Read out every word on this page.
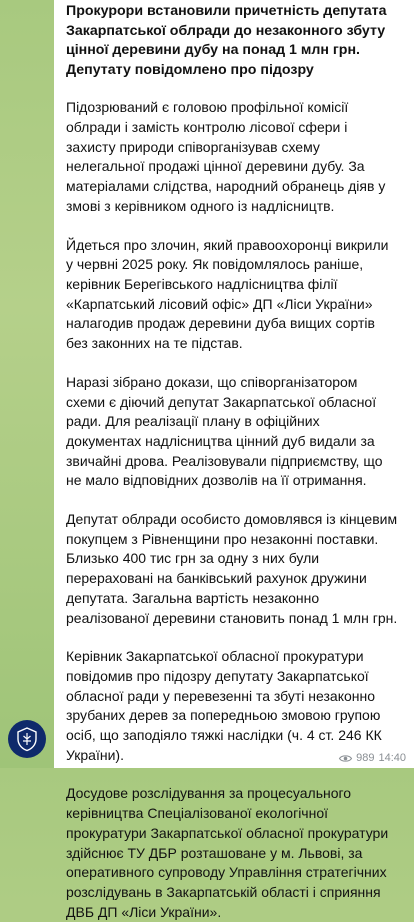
Прокурори встановили причетність депутата Закарпатської облради до незаконного збуту цінної деревини дубу на понад 1 млн грн. Депутату повідомлено про підозру
Підозрюваний є головою профільної комісії облради і замість контролю лісової сфери і захисту природи співорганізував схему нелегальної продажі цінної деревини дубу. За матеріалами слідства, народний обранець діяв у змові з керівником одного із надлісництв.
Йдеться про злочин, який правоохоронці викрили у червні 2025 року. Як повідомлялось раніше, керівник Берегівського надлісництва філії «Карпатський лісовий офіс» ДП «Ліси України» налагодив продаж деревини дуба вищих сортів без законних на те підстав.
Наразі зібрано докази, що співорганізатором схеми є діючий депутат Закарпатської обласної ради. Для реалізації плану в офіційних документах надлісництва цінний дуб видали за звичайні дрова. Реалізовували підприємству, що не мало відповідних дозволів на її отримання.
Депутат облради особисто домовлявся із кінцевим покупцем з Рівненщини про незаконні поставки. Близько 400 тис грн за одну з них були перераховані на банківський рахунок дружини депутата. Загальна вартість незаконно реалізованої деревини становить понад 1 млн грн.
Керівник Закарпатської обласної прокуратури повідомив про підозру депутату Закарпатської обласної ради у перевезенні та збуті незаконно зрубаних дерев за попередньою змовою групою осіб, що заподіяло тяжкі наслідки (ч. 4 ст. 246 КК України).
Досудове розслідування за процесуального керівництва Спеціалізованої екологічної прокуратури Закарпатської обласної прокуратури здійснює ТУ ДБР розташоване у м. Львові, за оперативного супроводу Управління стратегічних розслідувань в Закарпатській області і сприяння ДВБ ДП «Ліси України».
989 14:40
